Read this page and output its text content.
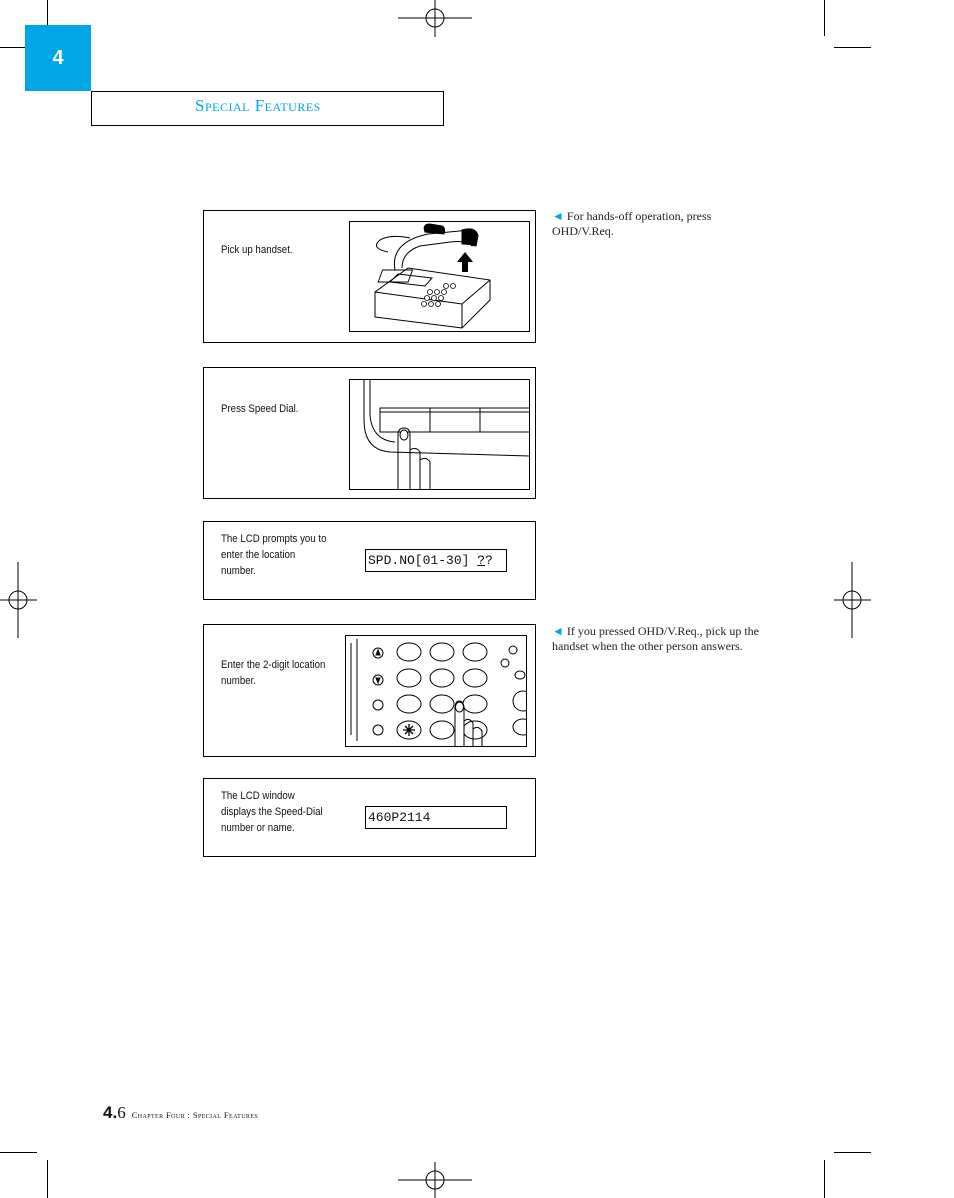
4
Special Features
Pick up handset.
Press Speed Dial.
The LCD prompts you to enter the location number.
SPD.NO[01-30] ??
Enter the 2-digit location number.
The LCD window displays the Speed-Dial number or name.
460P2114
◄ For hands-off operation, press OHD/V.Req.
◄ If you pressed OHD/V.Req., pick up the handset when the other person answers.
4.6 Chapter Four : Special Features
